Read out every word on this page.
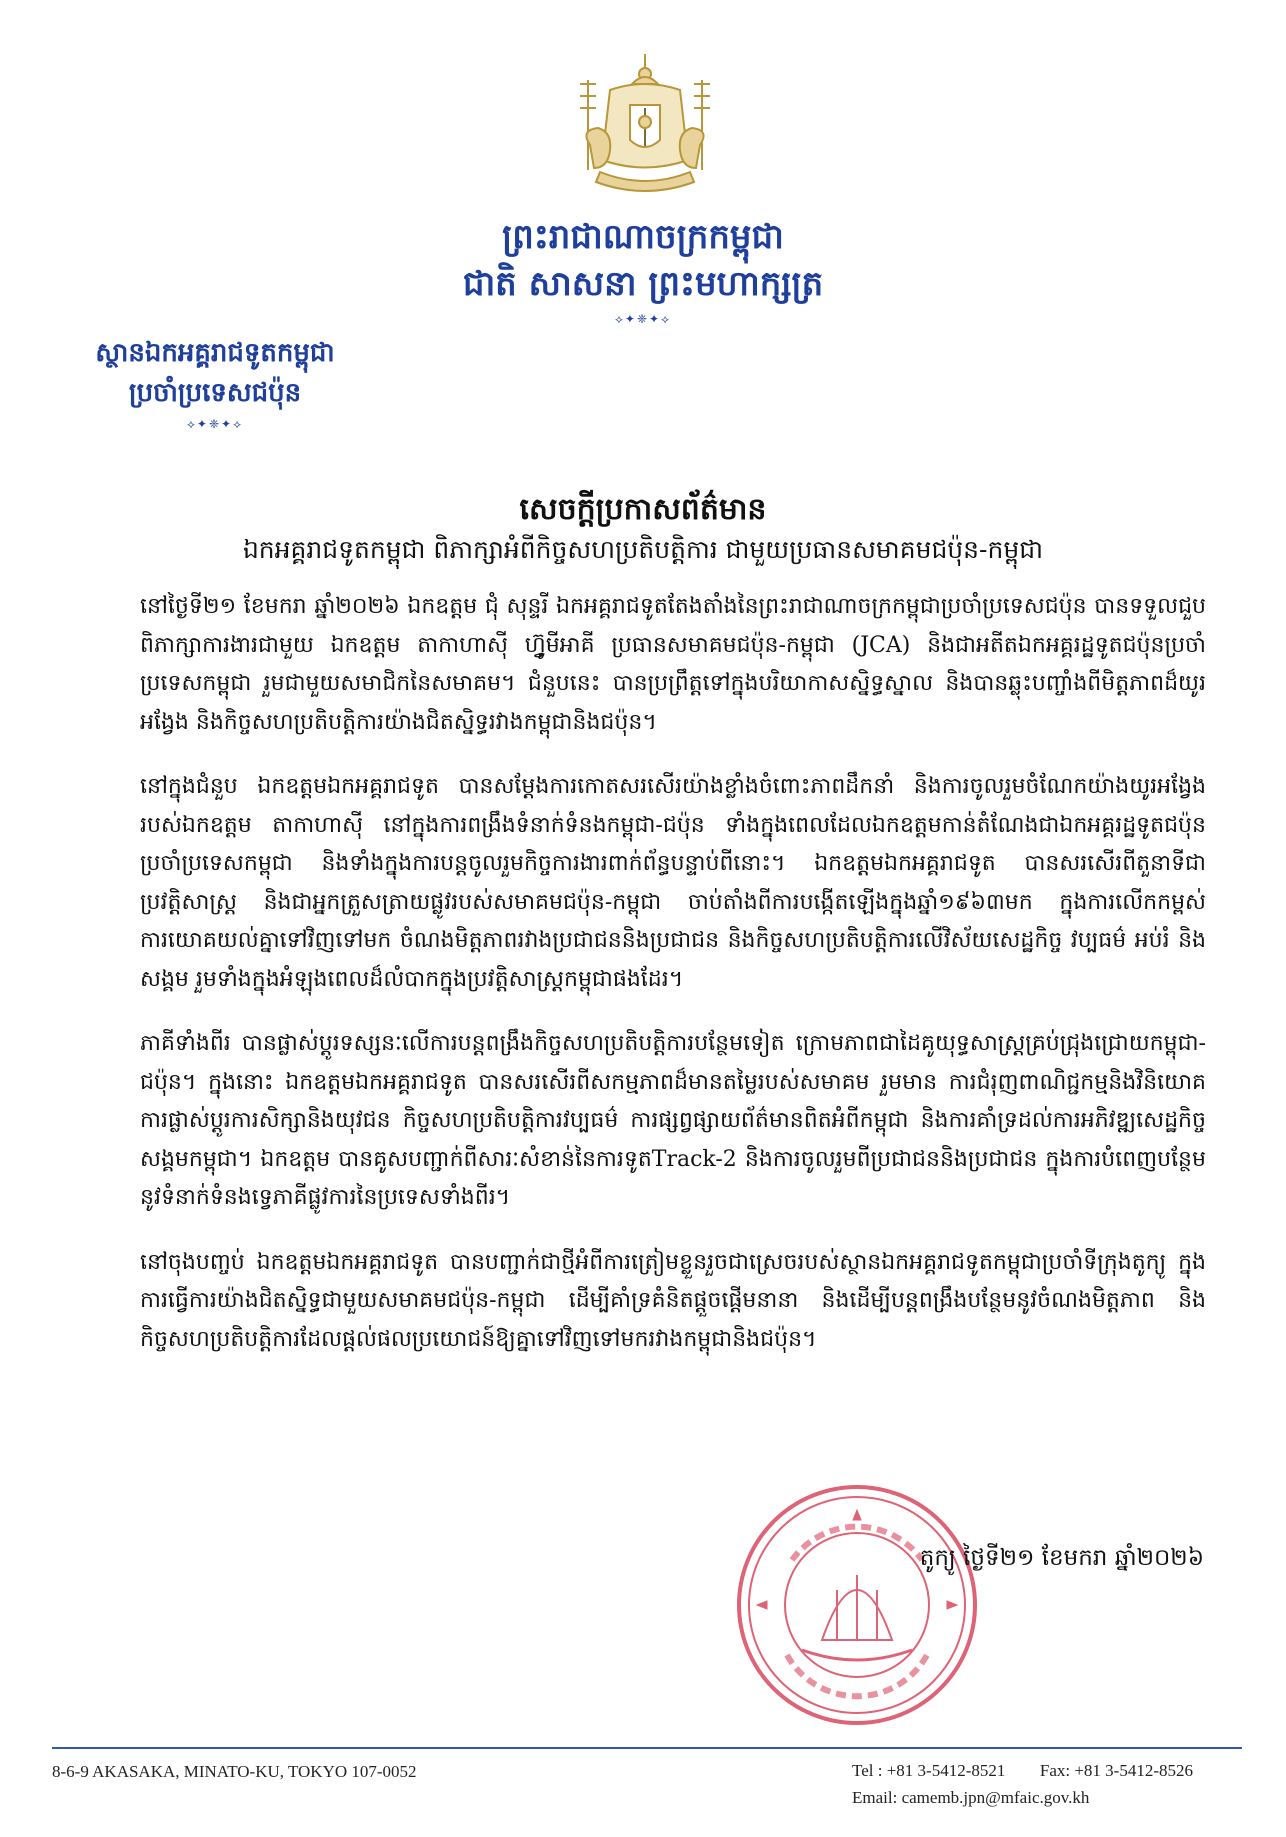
ព្រះរាជាណាចក្រកម្ពុជា
ជាតិ សាសនា ព្រះមហាក្សត្រ
⟡✦❈✦⟡
ស្ថានឯកអគ្គរាជទូតកម្ពុជា
ប្រចាំប្រទេសជប៉ុន
⟡✦❈✦⟡
សេចក្តីប្រកាសព័ត៌មាន
ឯកអគ្គរាជទូតកម្ពុជា ពិភាក្សាអំពីកិច្ចសហប្រតិបត្តិការ ជាមួយប្រធានសមាគមជប៉ុន-កម្ពុជា

នៅថ្ងៃទី២១ ខែមករា ឆ្នាំ២០២៦ ឯកឧត្តម ជុំ សុន្ទរី ឯកអគ្គរាជទូតតែងតាំងនៃព្រះរាជាណាចក្រកម្ពុជាប្រចាំប្រទេសជប៉ុន បានទទួលជួបពិភាក្សាការងារជាមួយ ឯកឧត្តម តាកាហាស៊ី ហ្វ៊ូមីអាគី ប្រធានសមាគមជប៉ុន-កម្ពុជា (JCA) និងជាអតីតឯកអគ្គរដ្ឋទូតជប៉ុនប្រចាំប្រទេសកម្ពុជា រួមជាមួយសមាជិកនៃសមាគម។ ជំនួបនេះ បានប្រព្រឹត្តទៅក្នុងបរិយាកាសស្និទ្ធស្នាល និងបានឆ្លុះបញ្ចាំងពីមិត្តភាពដ៏យូរអង្វែង និងកិច្ចសហប្រតិបត្តិការយ៉ាងជិតស្និទ្ធរវាងកម្ពុជានិងជប៉ុន។

នៅក្នុងជំនួប ឯកឧត្តមឯកអគ្គរាជទូត បានសម្តែងការកោតសរសើរយ៉ាងខ្លាំងចំពោះភាពដឹកនាំ និងការចូលរួមចំណែកយ៉ាងយូរអង្វែងរបស់ឯកឧត្តម តាកាហាស៊ី នៅក្នុងការពង្រឹងទំនាក់ទំនងកម្ពុជា-ជប៉ុន ទាំងក្នុងពេលដែលឯកឧត្តមកាន់តំណែងជាឯកអគ្គរដ្ឋទូតជប៉ុនប្រចាំប្រទេសកម្ពុជា និងទាំងក្នុងការបន្តចូលរួមកិច្ចការងារពាក់ព័ន្ធបន្ទាប់ពីនោះ។ ឯកឧត្តមឯកអគ្គរាជទូត បានសរសើរពីតួនាទីជាប្រវត្តិសាស្ត្រ និងជាអ្នកត្រួសត្រាយផ្លូវរបស់សមាគមជប៉ុន-កម្ពុជា ចាប់តាំងពីការបង្កើតឡើងក្នុងឆ្នាំ១៩៦៣មក ក្នុងការលើកកម្ពស់ការយោគយល់គ្នាទៅវិញទៅមក ចំណងមិត្តភាពរវាងប្រជាជននិងប្រជាជន និងកិច្ចសហប្រតិបត្តិការលើវិស័យសេដ្ឋកិច្ច វប្បធម៌ អប់រំ និងសង្គម រួមទាំងក្នុងអំឡុងពេលដ៏លំបាកក្នុងប្រវត្តិសាស្ត្រកម្ពុជាផងដែរ។

ភាគីទាំងពីរ បានផ្លាស់ប្តូរទស្សនៈលើការបន្តពង្រឹងកិច្ចសហប្រតិបត្តិការបន្ថែមទៀត ក្រោមភាពជាដៃគូយុទ្ធសាស្ត្រគ្រប់ជ្រុងជ្រោយកម្ពុជា-ជប៉ុន។ ក្នុងនោះ ឯកឧត្តមឯកអគ្គរាជទូត បានសរសើរពីសកម្មភាពដ៏មានតម្លៃរបស់សមាគម រួមមាន ការជំរុញពាណិជ្ជកម្មនិងវិនិយោគ ការផ្លាស់ប្តូរការសិក្សានិងយុវជន កិច្ចសហប្រតិបត្តិការវប្បធម៌ ការផ្សព្វផ្សាយព័ត៌មានពិតអំពីកម្ពុជា និងការគាំទ្រដល់ការអភិវឌ្ឍសេដ្ឋកិច្ចសង្គមកម្ពុជា។ ឯកឧត្តម បានគូសបញ្ជាក់ពីសារៈសំខាន់នៃការទូតTrack-2 និងការចូលរួមពីប្រជាជននិងប្រជាជន ក្នុងការបំពេញបន្ថែមនូវទំនាក់ទំនងទ្វេភាគីផ្លូវការនៃប្រទេសទាំងពីរ។

នៅចុងបញ្ចប់ ឯកឧត្តមឯកអគ្គរាជទូត បានបញ្ជាក់ជាថ្មីអំពីការត្រៀមខ្លួនរួចជាស្រេចរបស់ស្ថានឯកអគ្គរាជទូតកម្ពុជាប្រចាំទីក្រុងតូក្យូ ក្នុងការធ្វើការយ៉ាងជិតស្និទ្ធជាមួយសមាគមជប៉ុន-កម្ពុជា ដើម្បីគាំទ្រគំនិតផ្តួចផ្តើមនានា និងដើម្បីបន្តពង្រឹងបន្ថែមនូវចំណងមិត្តភាព និងកិច្ចសហប្រតិបត្តិការដែលផ្តល់ផលប្រយោជន៍ឱ្យគ្នាទៅវិញទៅមករវាងកម្ពុជានិងជប៉ុន។

តូក្យូ ថ្ងៃទី២១ ខែមករា ឆ្នាំ២០២៦
8-6-9 AKASAKA, MINATO-KU, TOKYO 107-0052	Tel : +81 3-5412-8521 Fax: +81 3-5412-8526
Email: camemb.jpn@mfaic.gov.kh
